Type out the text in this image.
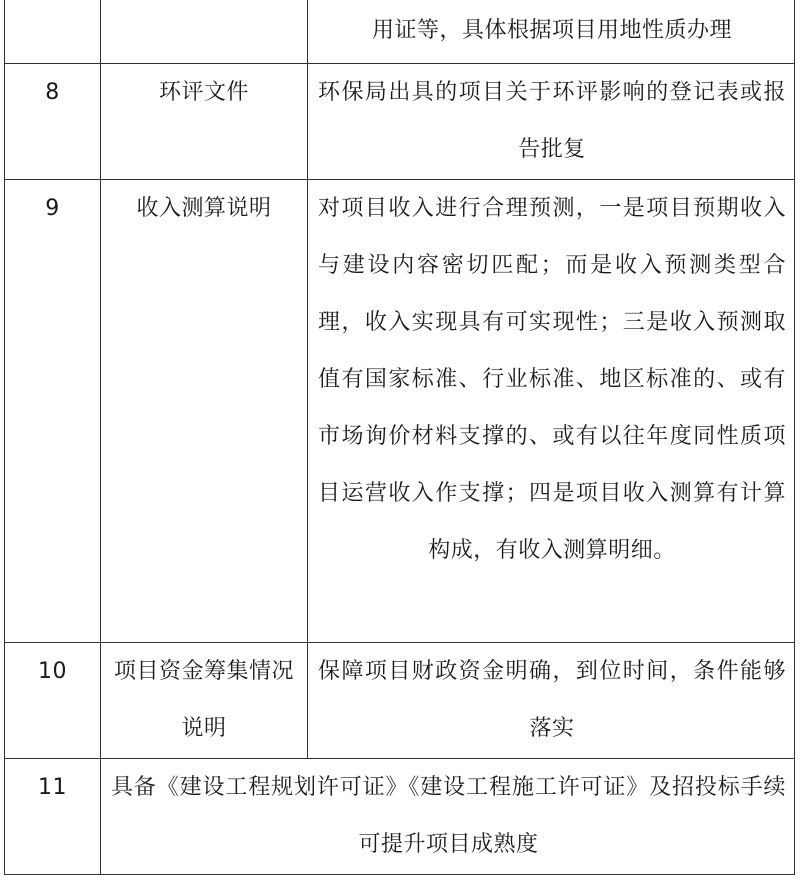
		用证等，具体根据项目用地性质办理
8	环评文件	环保局出具的项目关于环评影响的登记表或报告批复
9	收入测算说明	对项目收入进行合理预测，一是项目预期收入与建设内容密切匹配；而是收入预测类型合理，收入实现具有可实现性；三是收入预测取值有国家标准、行业标准、地区标准的、或有市场询价材料支撑的、或有以往年度同性质项目运营收入作支撑；四是项目收入测算有计算构成，有收入测算明细。
10	项目资金筹集情况说明	保障项目财政资金明确，到位时间，条件能够落实
11	具备《建设工程规划许可证》《建设工程施工许可证》及招投标手续可提升项目成熟度	
